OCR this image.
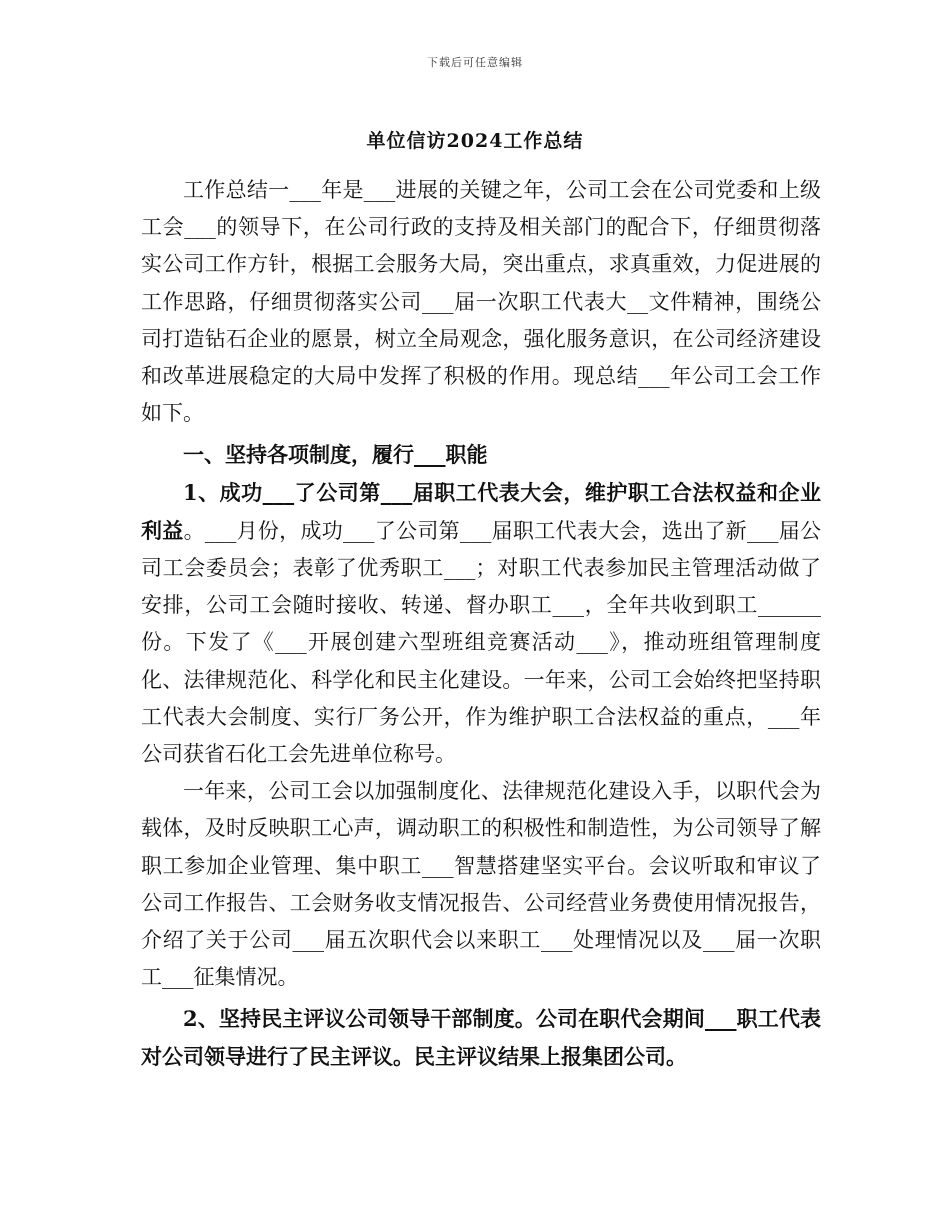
下载后可任意编辑
单位信访2024工作总结

工作总结一___年是___进展的关键之年，公司工会在公司党委和上级工会___的领导下，在公司行政的支持及相关部门的配合下，仔细贯彻落实公司工作方针，根据工会服务大局，突出重点，求真重效，力促进展的工作思路，仔细贯彻落实公司___届一次职工代表大__文件精神，围绕公司打造钻石企业的愿景，树立全局观念，强化服务意识，在公司经济建设和改革进展稳定的大局中发挥了积极的作用。现总结___年公司工会工作如下。

一、坚持各项制度，履行___职能

1、成功___了公司第___届职工代表大会，维护职工合法权益和企业利益。___月份，成功___了公司第___届职工代表大会，选出了新___届公司工会委员会；表彰了优秀职工___；对职工代表参加民主管理活动做了安排，公司工会随时接收、转递、督办职工___，全年共收到职工______份。下发了《___开展创建六型班组竞赛活动___》，推动班组管理制度化、法律规范化、科学化和民主化建设。一年来，公司工会始终把坚持职工代表大会制度、实行厂务公开，作为维护职工合法权益的重点，___年公司获省石化工会先进单位称号。

一年来，公司工会以加强制度化、法律规范化建设入手，以职代会为载体，及时反映职工心声，调动职工的积极性和制造性，为公司领导了解职工参加企业管理、集中职工___智慧搭建坚实平台。会议听取和审议了公司工作报告、工会财务收支情况报告、公司经营业务费使用情况报告，介绍了关于公司___届五次职代会以来职工___处理情况以及___届一次职工___征集情况。

2、坚持民主评议公司领导干部制度。公司在职代会期间___职工代表对公司领导进行了民主评议。民主评议结果上报集团公司。
